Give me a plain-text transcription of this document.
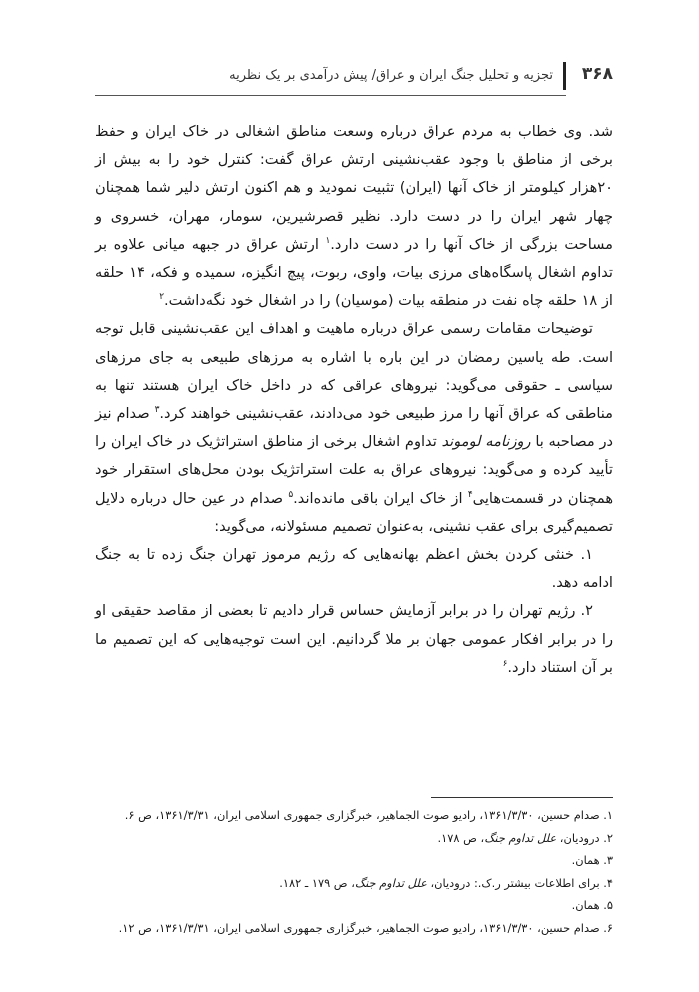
۳۶۸
تجزیه و تحلیل جنگ ایران و عراق/ پیش درآمدی بر یک نظریه

شد. وی خطاب به مردم عراق درباره وسعت مناطق اشغالی در خاک ایران و حفظ برخی از مناطق با وجود عقب‌نشینی ارتش عراق گفت: کنترل خود را به بیش از ۲۰هزار کیلومتر از خاک آنها (ایران) تثبیت نمودید و هم اکنون ارتش دلیر شما همچنان چهار شهر ایران را در دست دارد. نظیر قصرشیرین، سومار، مهران، خسروی و مساحت بزرگی از خاک آنها را در دست دارد.$^۱$ ارتش عراق در جبهه میانی علاوه بر تداوم اشغال پاسگاه‌های مرزی بیات، واوی، ربوت، پیچ انگیزه، سمیده و فکه، ۱۴ حلقه از ۱۸ حلقه چاه نفت در منطقه بیات (موسیان) را در اشغال خود نگه‌داشت.$^۲$

توضیحات مقامات رسمی عراق درباره ماهیت و اهداف این عقب‌نشینی قابل توجه است. طه یاسین رمضان در این باره با اشاره به مرزهای طبیعی به جای مرزهای سیاسی ـ حقوقی می‌گوید: نیروهای عراقی که در داخل خاک ایران هستند تنها به مناطقی که عراق آنها را مرز طبیعی خود می‌دادند، عقب‌نشینی خواهند کرد.$^۳$ صدام نیز در مصاحبه با روزنامه لوموند تداوم اشغال برخی از مناطق استراتژیک در خاک ایران را تأیید کرده و می‌گوید: نیروهای عراق به علت استراتژیک بودن محل‌های استقرار خود همچنان در قسمت‌هایی$^۴$ از خاک ایران باقی مانده‌اند.$^۵$ صدام در عین حال درباره دلایل تصمیم‌گیری برای عقب نشینی، به‌عنوان تصمیم مسئولانه، می‌گوید:

۱. خنثی کردن بخش اعظم بهانه‌هایی که رژیم مرموز تهران جنگ زده تا به جنگ ادامه دهد.

۲. رژیم تهران را در برابر آزمایش حساس قرار دادیم تا بعضی از مقاصد حقیقی او را در برابر افکار عمومی جهان بر ملا گردانیم. این است توجیه‌هایی که این تصمیم ما بر آن استناد دارد.$^۶$

۱. صدام حسین، ۱۳۶۱/۳/۳۰، رادیو صوت الجماهیر، خبرگزاری جمهوری اسلامی ایران، ۱۳۶۱/۳/۳۱، ص ۶.
۲. درودیان، علل تداوم جنگ، ص ۱۷۸.
۳. همان.
۴. برای اطلاعات بیشتر ر.ک.: درودیان، علل تداوم جنگ، ص ۱۷۹ ـ ۱۸۲.
۵. همان.
۶. صدام حسین، ۱۳۶۱/۳/۳۰، رادیو صوت الجماهیر، خبرگزاری جمهوری اسلامی ایران، ۱۳۶۱/۳/۳۱، ص ۱۲.
